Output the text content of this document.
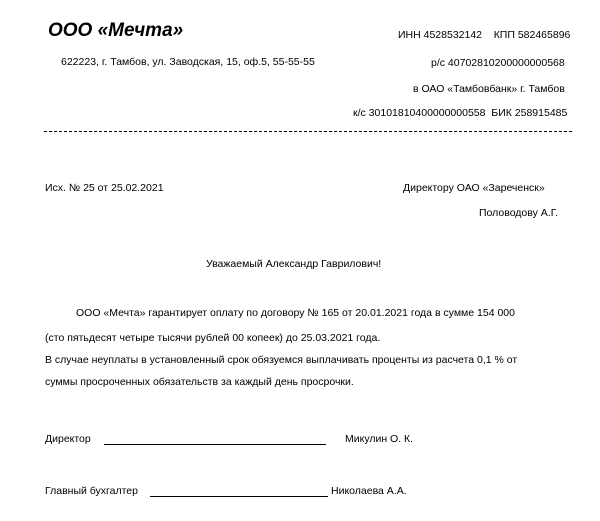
ООО «Мечта»	ИНН 4528532142    КПП 582465896
622223, г. Тамбов, ул. Заводская, 15, оф.5, 55-55-55	р/с 40702810200000000568
в ОАО «Тамбовбанк» г. Тамбов
к/с 30101810400000000558  БИК 258915485
Исх. № 25 от 25.02.2021	Директору ОАО «Зареченск»
Половодову А.Г.
Уважаемый Александр Гаврилович!
ООО «Мечта» гарантирует оплату по договору № 165 от 20.01.2021 года в сумме 154 000
(сто пятьдесят четыре тысячи рублей 00 копеек) до 25.03.2021 года.
В случае неуплаты в установленный срок обязуемся выплачивать проценты из расчета 0,1 % от
суммы просроченных обязательств за каждый день просрочки.
Директор	Микулин О. К.
Главный бухгалтер	Николаева А.А.
